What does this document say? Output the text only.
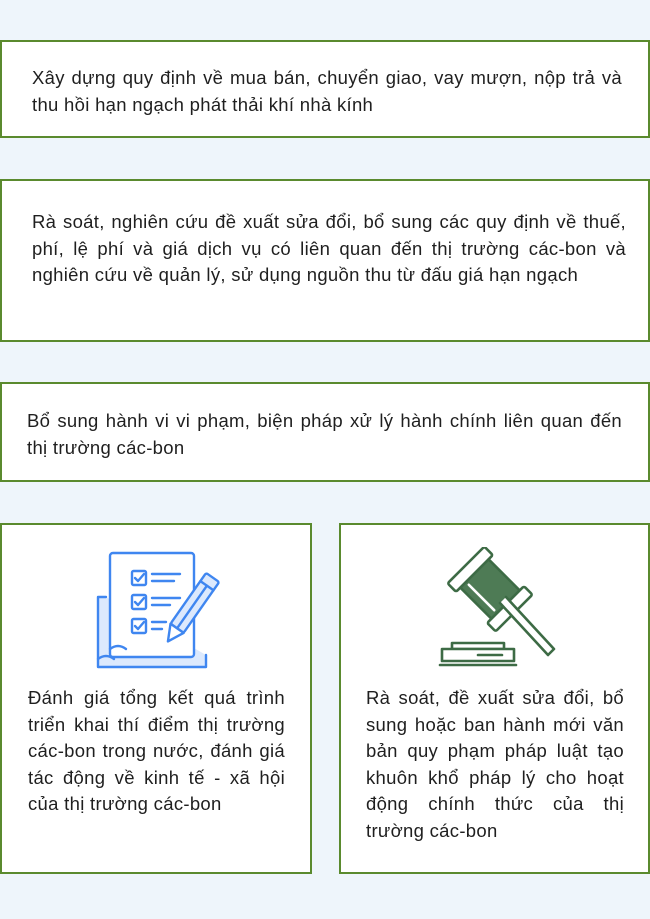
Xây dựng quy định về mua bán, chuyển giao, vay mượn, nộp trả và thu hồi hạn ngạch phát thải khí nhà kính

Rà soát, nghiên cứu đề xuất sửa đổi, bổ sung các quy định về thuế, phí, lệ phí và giá dịch vụ có liên quan đến thị trường các-bon và nghiên cứu về quản lý, sử dụng nguồn thu từ đấu giá hạn ngạch

Bổ sung hành vi vi phạm, biện pháp xử lý hành chính liên quan đến thị trường các-bon

Đánh giá tổng kết quá trình triển khai thí điểm thị trường các-bon trong nước, đánh giá tác động về kinh tế - xã hội của thị trường các-bon

Rà soát, đề xuất sửa đổi, bổ sung hoặc ban hành mới văn bản quy phạm pháp luật tạo khuôn khổ pháp lý cho hoạt động chính thức của thị trường các-bon
